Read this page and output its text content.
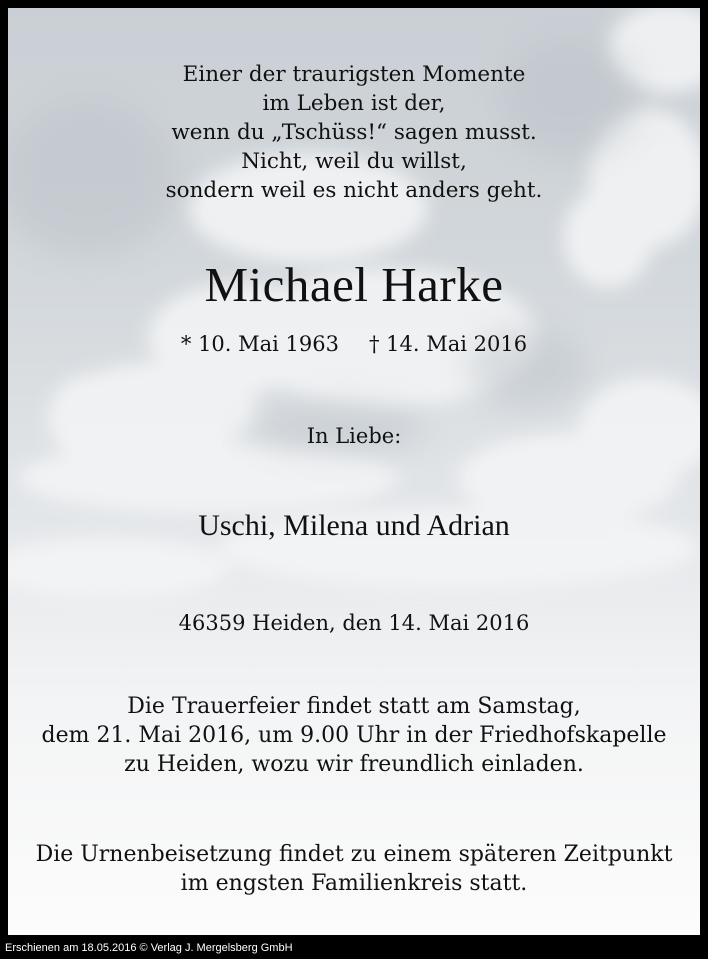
Einer der traurigsten Momente
im Leben ist der,
wenn du „Tschüss!“ sagen musst.
Nicht, weil du willst,
sondern weil es nicht anders geht.
Michael Harke
* 10. Mai 1963 † 14. Mai 2016
In Liebe:
Uschi, Milena und Adrian
46359 Heiden, den 14. Mai 2016
Die Trauerfeier findet statt am Samstag,
dem 21. Mai 2016, um 9.00 Uhr in der Friedhofskapelle
zu Heiden, wozu wir freundlich einladen.
Die Urnenbeisetzung findet zu einem späteren Zeitpunkt
im engsten Familienkreis statt.
Erschienen am 18.05.2016 © Verlag J. Mergelsberg GmbH
